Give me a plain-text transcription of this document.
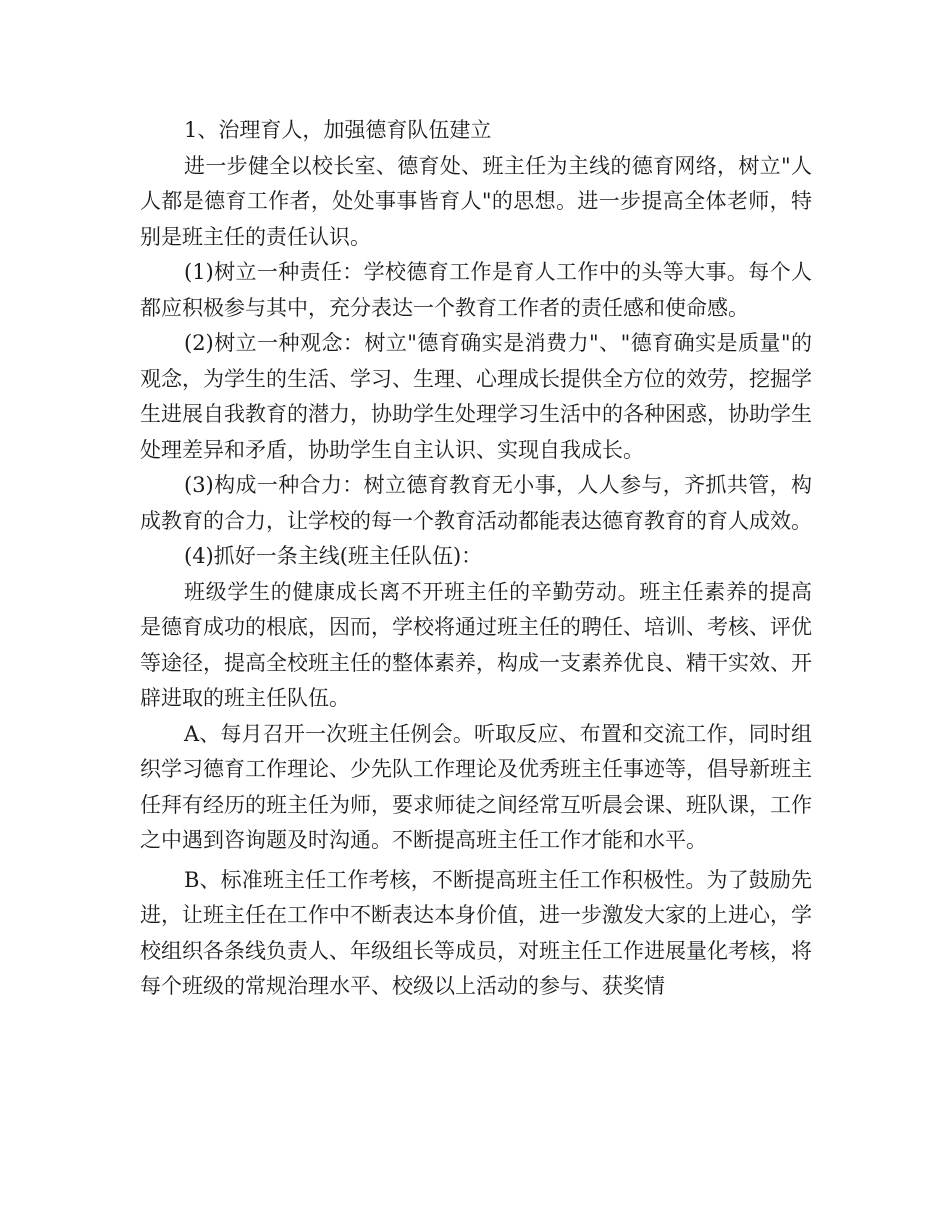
1、治理育人，加强德育队伍建立

进一步健全以校长室、德育处、班主任为主线的德育网络，树立"人人都是德育工作者，处处事事皆育人"的思想。进一步提高全体老师，特别是班主任的责任认识。

(1)树立一种责任：学校德育工作是育人工作中的头等大事。每个人都应积极参与其中，充分表达一个教育工作者的责任感和使命感。

(2)树立一种观念：树立"德育确实是消费力"、"德育确实是质量"的观念，为学生的生活、学习、生理、心理成长提供全方位的效劳，挖掘学生进展自我教育的潜力，协助学生处理学习生活中的各种困惑，协助学生处理差异和矛盾，协助学生自主认识、实现自我成长。

(3)构成一种合力：树立德育教育无小事，人人参与，齐抓共管，构成教育的合力，让学校的每一个教育活动都能表达德育教育的育人成效。

(4)抓好一条主线(班主任队伍)：

班级学生的健康成长离不开班主任的辛勤劳动。班主任素养的提高是德育成功的根底，因而，学校将通过班主任的聘任、培训、考核、评优等途径，提高全校班主任的整体素养，构成一支素养优良、精干实效、开辟进取的班主任队伍。

A、每月召开一次班主任例会。听取反应、布置和交流工作，同时组织学习德育工作理论、少先队工作理论及优秀班主任事迹等，倡导新班主任拜有经历的班主任为师，要求师徒之间经常互听晨会课、班队课，工作之中遇到咨询题及时沟通。不断提高班主任工作才能和水平。

B、标准班主任工作考核，不断提高班主任工作积极性。为了鼓励先进，让班主任在工作中不断表达本身价值，进一步激发大家的上进心，学校组织各条线负责人、年级组长等成员，对班主任工作进展量化考核，将每个班级的常规治理水平、校级以上活动的参与、获奖情
